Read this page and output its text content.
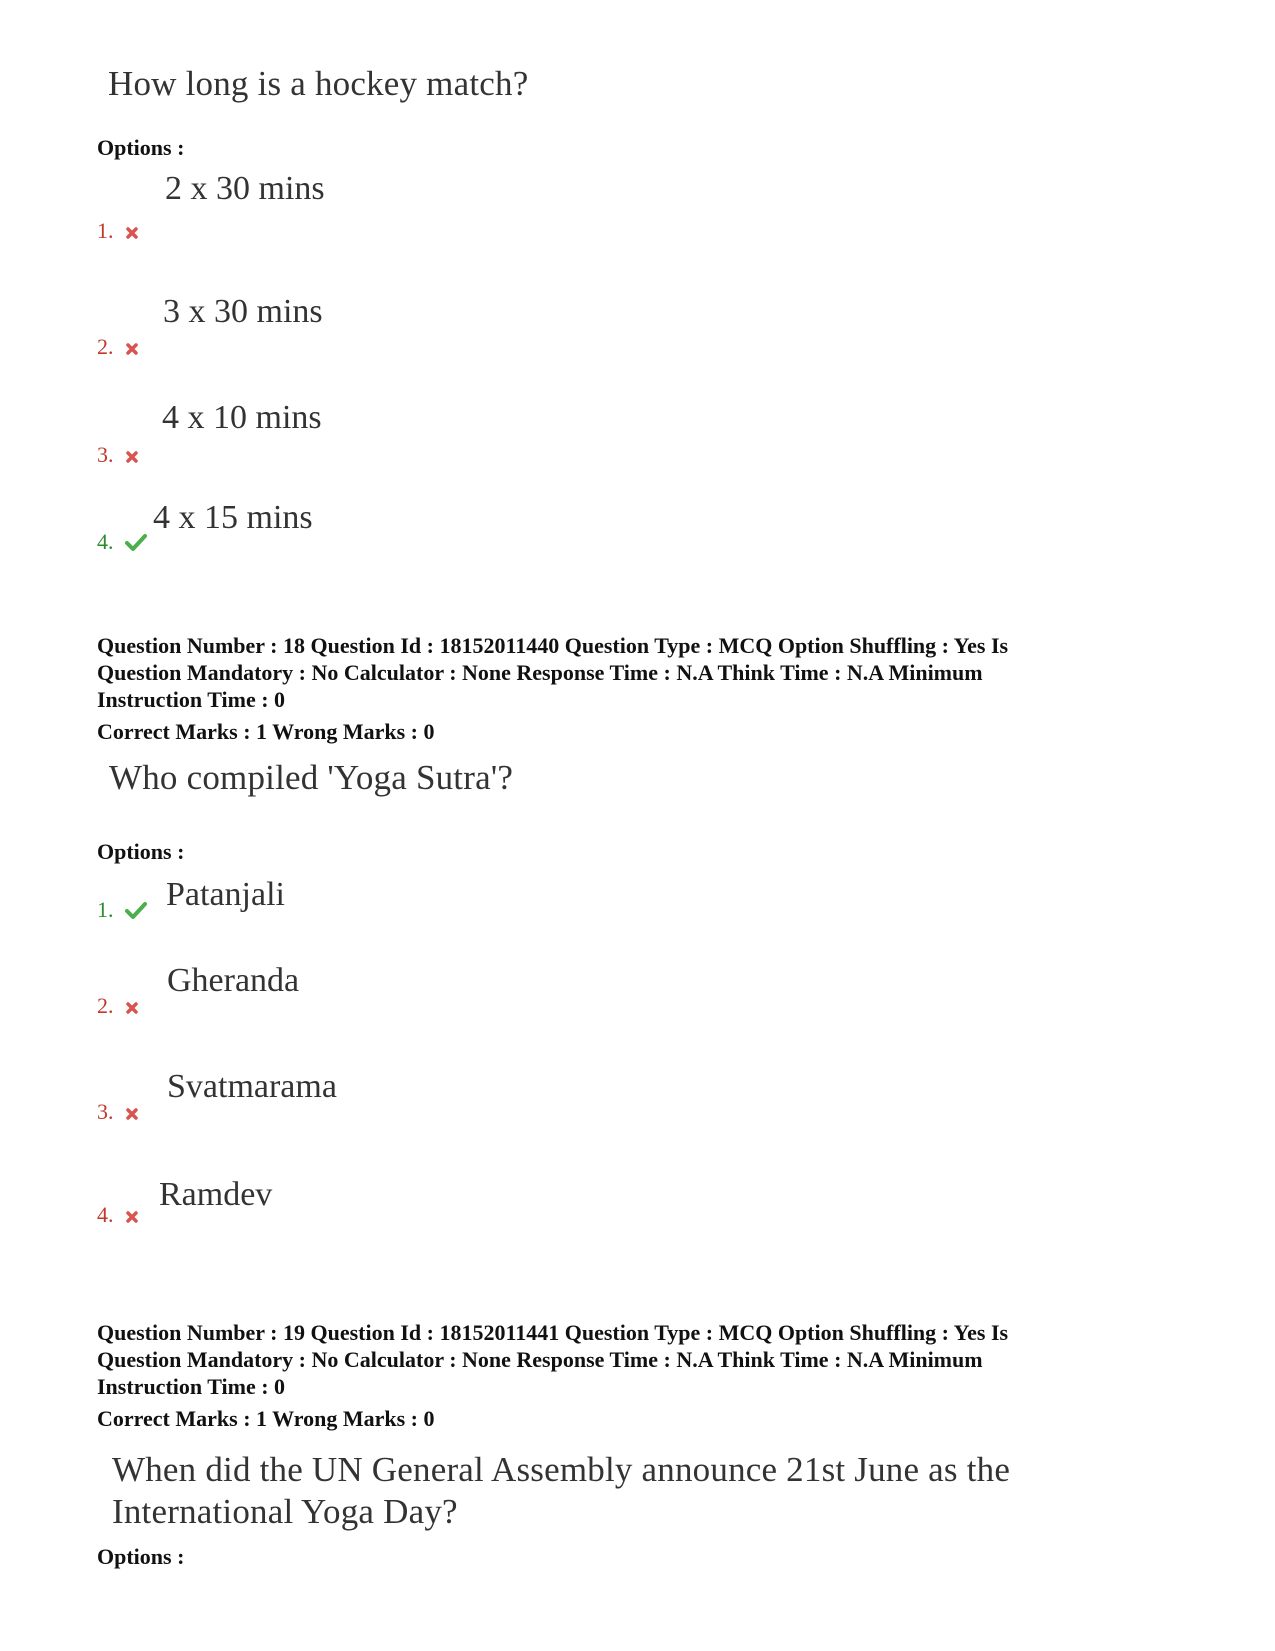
How long is a hockey match?
Options :
2 x 30 mins
1.
3 x 30 mins
2.
4 x 10 mins
3.
4 x 15 mins
4.
Question Number : 18 Question Id : 18152011440 Question Type : MCQ Option Shuffling : Yes Is
Question Mandatory : No Calculator : None Response Time : N.A Think Time : N.A Minimum
Instruction Time : 0
Correct Marks : 1 Wrong Marks : 0
Who compiled 'Yoga Sutra'?
Options :
Patanjali
1.
Gheranda
2.
Svatmarama
3.
Ramdev
4.
Question Number : 19 Question Id : 18152011441 Question Type : MCQ Option Shuffling : Yes Is
Question Mandatory : No Calculator : None Response Time : N.A Think Time : N.A Minimum
Instruction Time : 0
Correct Marks : 1 Wrong Marks : 0
When did the UN General Assembly announce 21st June as the
International Yoga Day?
Options :
